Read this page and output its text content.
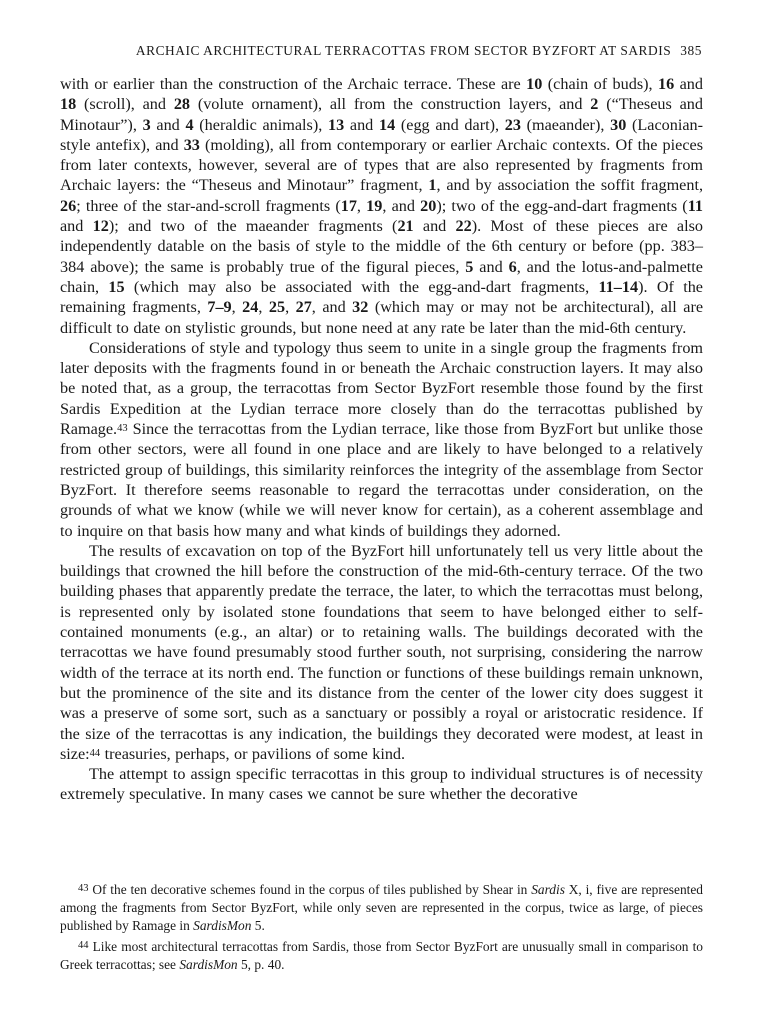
ARCHAIC ARCHITECTURAL TERRACOTTAS FROM SECTOR BYZFORT AT SARDIS 385

with or earlier than the construction of the Archaic terrace. These are 10 (chain of buds), 16 and 18 (scroll), and 28 (volute ornament), all from the construction layers, and 2 (“Theseus and Minotaur”), 3 and 4 (heraldic animals), 13 and 14 (egg and dart), 23 (maeander), 30 (Laconian-style antefix), and 33 (molding), all from contemporary or earlier Archaic contexts. Of the pieces from later contexts, however, several are of types that are also represented by fragments from Archaic layers: the “Theseus and Minotaur” fragment, 1, and by association the soffit fragment, 26; three of the star-and-scroll fragments (17, 19, and 20); two of the egg-and-dart fragments (11 and 12); and two of the maeander fragments (21 and 22). Most of these pieces are also independently datable on the basis of style to the middle of the 6th century or before (pp. 383–384 above); the same is probably true of the figural pieces, 5 and 6, and the lotus-and-palmette chain, 15 (which may also be associated with the egg-and-dart fragments, 11–14). Of the remaining fragments, 7–9, 24, 25, 27, and 32 (which may or may not be architectural), all are difficult to date on stylistic grounds, but none need at any rate be later than the mid-6th century.

Considerations of style and typology thus seem to unite in a single group the fragments from later deposits with the fragments found in or beneath the Archaic construction layers. It may also be noted that, as a group, the terracottas from Sector ByzFort resemble those found by the first Sardis Expedition at the Lydian terrace more closely than do the terracottas published by Ramage.$^{43}$ Since the terracottas from the Lydian terrace, like those from ByzFort but unlike those from other sectors, were all found in one place and are likely to have belonged to a relatively restricted group of buildings, this similarity reinforces the integrity of the assemblage from Sector ByzFort. It therefore seems reasonable to regard the terracottas under consideration, on the grounds of what we know (while we will never know for certain), as a coherent assemblage and to inquire on that basis how many and what kinds of buildings they adorned.

The results of excavation on top of the ByzFort hill unfortunately tell us very little about the buildings that crowned the hill before the construction of the mid-6th-century terrace. Of the two building phases that apparently predate the terrace, the later, to which the terracottas must belong, is represented only by isolated stone foundations that seem to have belonged either to self-contained monuments (e.g., an altar) or to retaining walls. The buildings decorated with the terracottas we have found presumably stood further south, not surprising, considering the narrow width of the terrace at its north end. The function or functions of these buildings remain unknown, but the prominence of the site and its distance from the center of the lower city does suggest it was a preserve of some sort, such as a sanctuary or possibly a royal or aristocratic residence. If the size of the terracottas is any indication, the buildings they decorated were modest, at least in size:$^{44}$ treasuries, perhaps, or pavilions of some kind.

The attempt to assign specific terracottas in this group to individual structures is of necessity extremely speculative. In many cases we cannot be sure whether the decorative

$^{43}$ Of the ten decorative schemes found in the corpus of tiles published by Shear in Sardis X, i, five are represented among the fragments from Sector ByzFort, while only seven are represented in the corpus, twice as large, of pieces published by Ramage in SardisMon 5.

$^{44}$ Like most architectural terracottas from Sardis, those from Sector ByzFort are unusually small in comparison to Greek terracottas; see SardisMon 5, p. 40.
